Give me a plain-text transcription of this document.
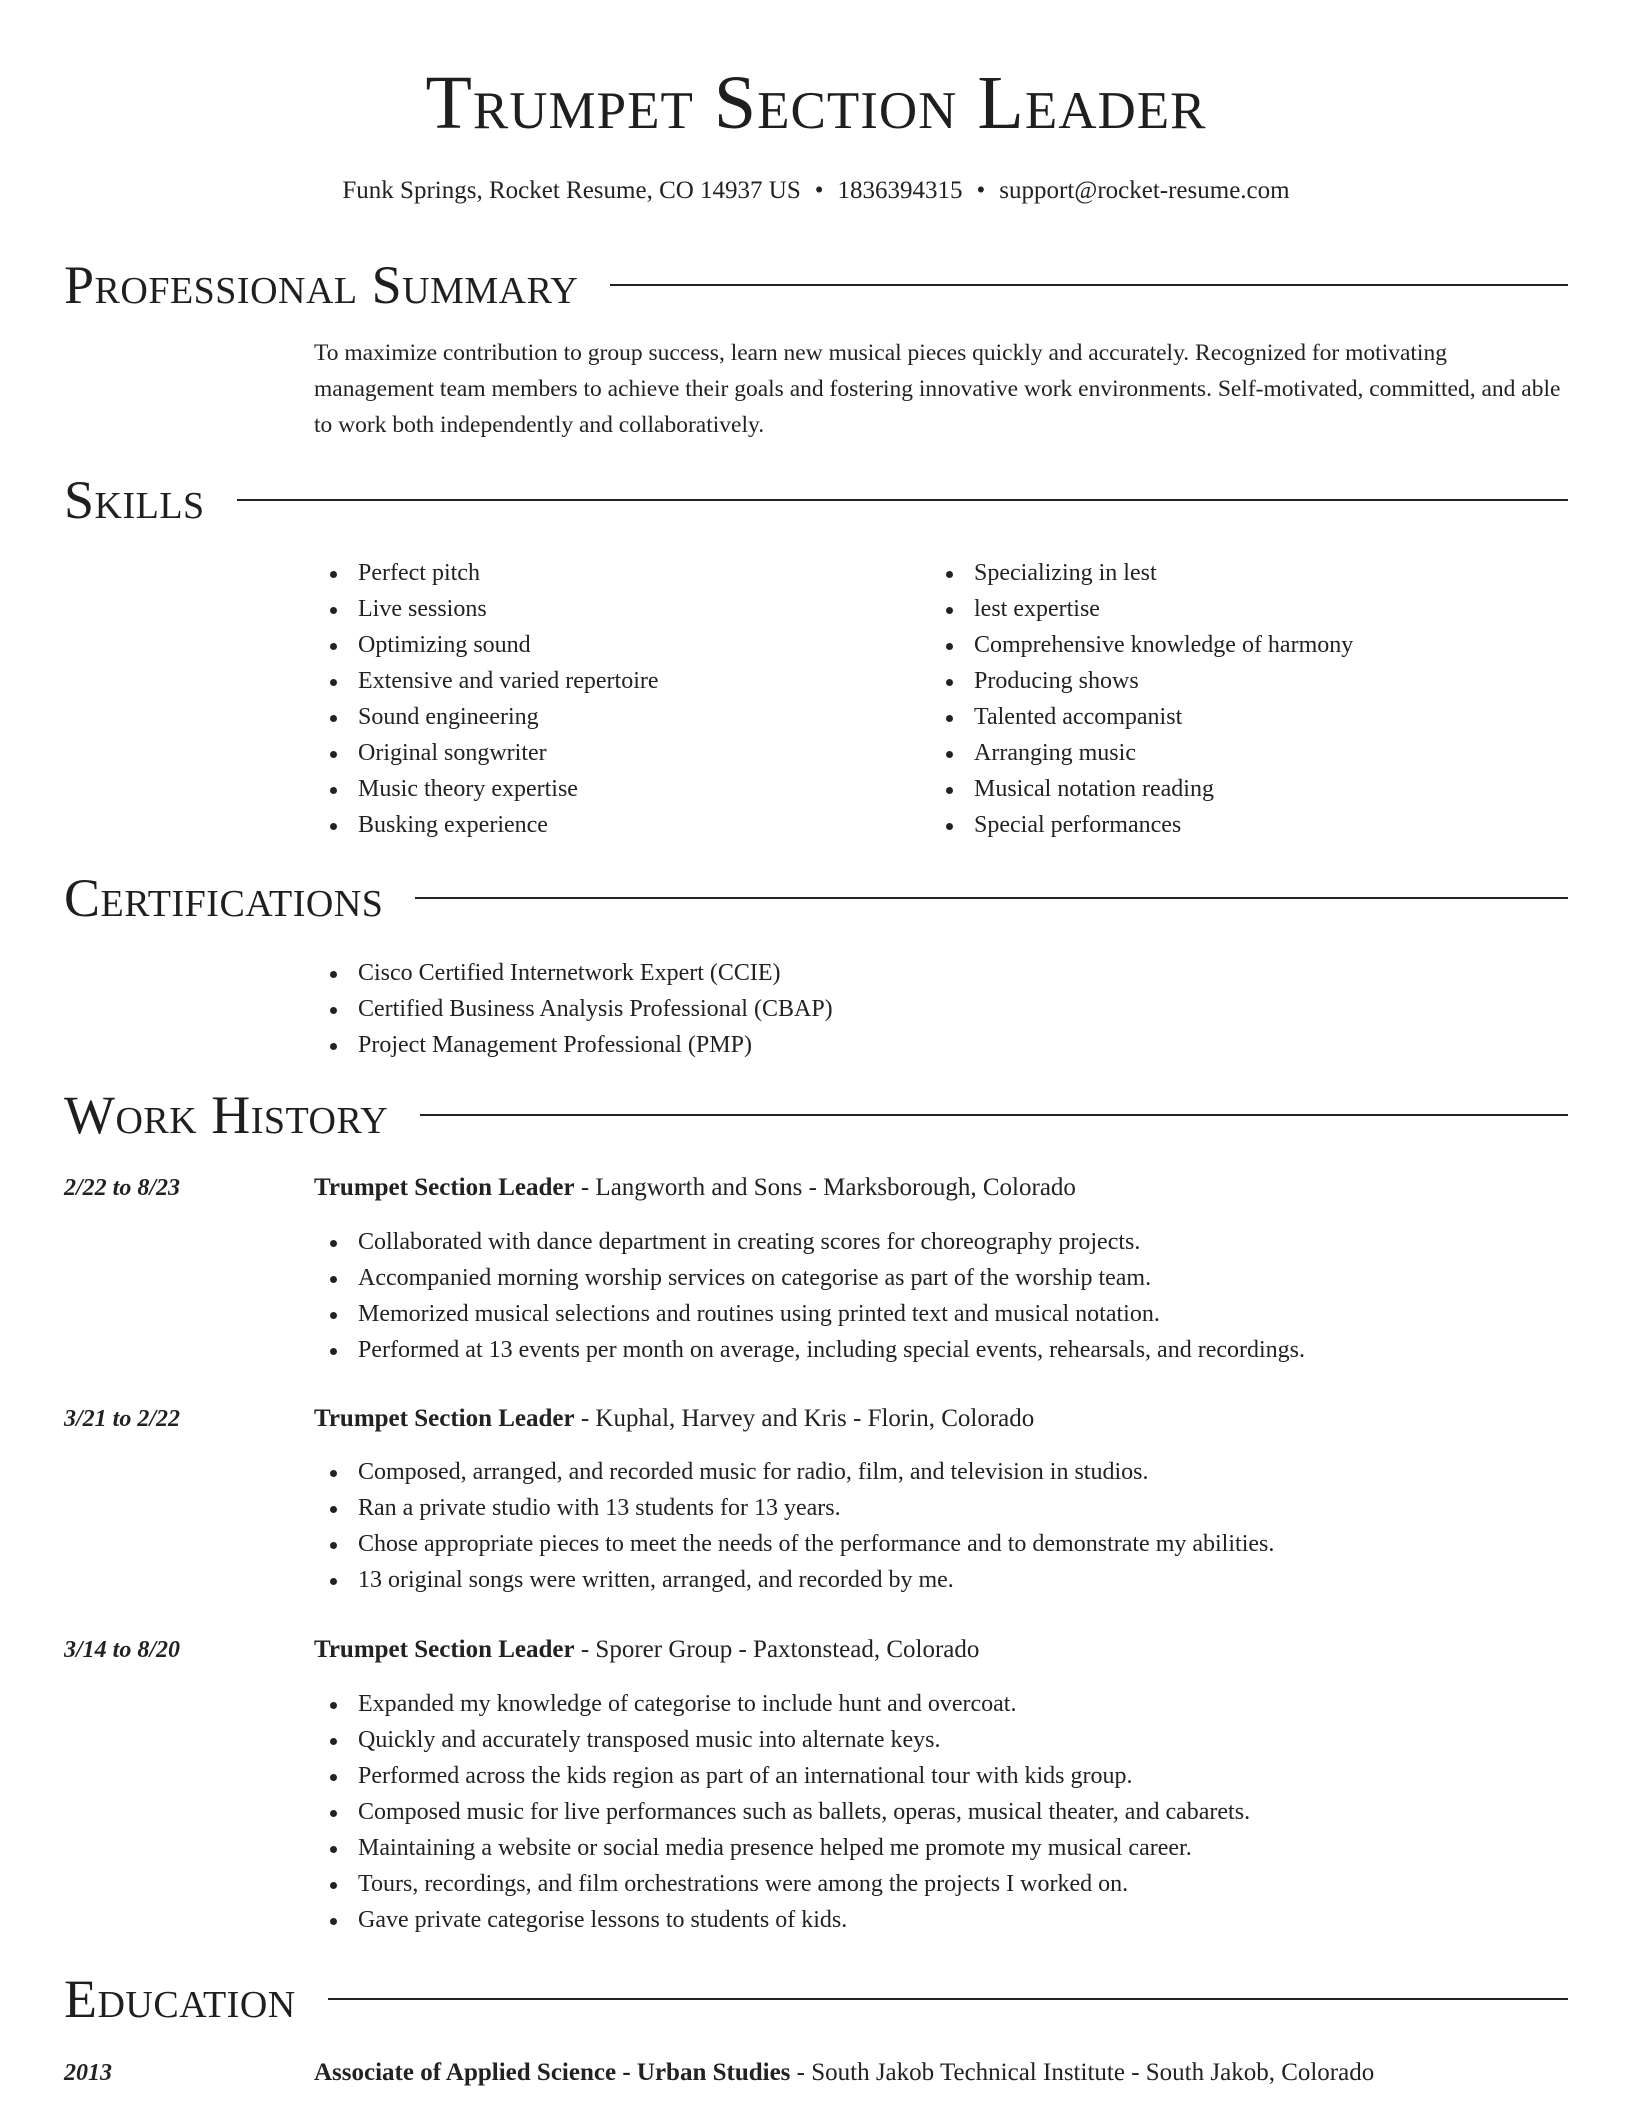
Trumpet Section Leader
Funk Springs, Rocket Resume, CO 14937 US • 1836394315 • support@rocket-resume.com
Professional Summary

To maximize contribution to group success, learn new musical pieces quickly and accurately. Recognized for motivating management team members to achieve their goals and fostering innovative work environments. Self-motivated, committed, and able to work both independently and collaboratively.

Skills
Perfect pitch
Live sessions
Optimizing sound
Extensive and varied repertoire
Sound engineering
Original songwriter
Music theory expertise
Busking experience
Specializing in lest
lest expertise
Comprehensive knowledge of harmony
Producing shows
Talented accompanist
Arranging music
Musical notation reading
Special performances
Certifications
Cisco Certified Internetwork Expert (CCIE)
Certified Business Analysis Professional (CBAP)
Project Management Professional (PMP)
Work History
2/22 to 8/23	Trumpet Section Leader - Langworth and Sons - Marksborough, Colorado
Collaborated with dance department in creating scores for choreography projects.
Accompanied morning worship services on categorise as part of the worship team.
Memorized musical selections and routines using printed text and musical notation.
Performed at 13 events per month on average, including special events, rehearsals, and recordings.
3/21 to 2/22	Trumpet Section Leader - Kuphal, Harvey and Kris - Florin, Colorado
Composed, arranged, and recorded music for radio, film, and television in studios.
Ran a private studio with 13 students for 13 years.
Chose appropriate pieces to meet the needs of the performance and to demonstrate my abilities.
13 original songs were written, arranged, and recorded by me.
3/14 to 8/20	Trumpet Section Leader - Sporer Group - Paxtonstead, Colorado
Expanded my knowledge of categorise to include hunt and overcoat.
Quickly and accurately transposed music into alternate keys.
Performed across the kids region as part of an international tour with kids group.
Composed music for live performances such as ballets, operas, musical theater, and cabarets.
Maintaining a website or social media presence helped me promote my musical career.
Tours, recordings, and film orchestrations were among the projects I worked on.
Gave private categorise lessons to students of kids.
Education
2013	Associate of Applied Science - Urban Studies - South Jakob Technical Institute - South Jakob, Colorado
